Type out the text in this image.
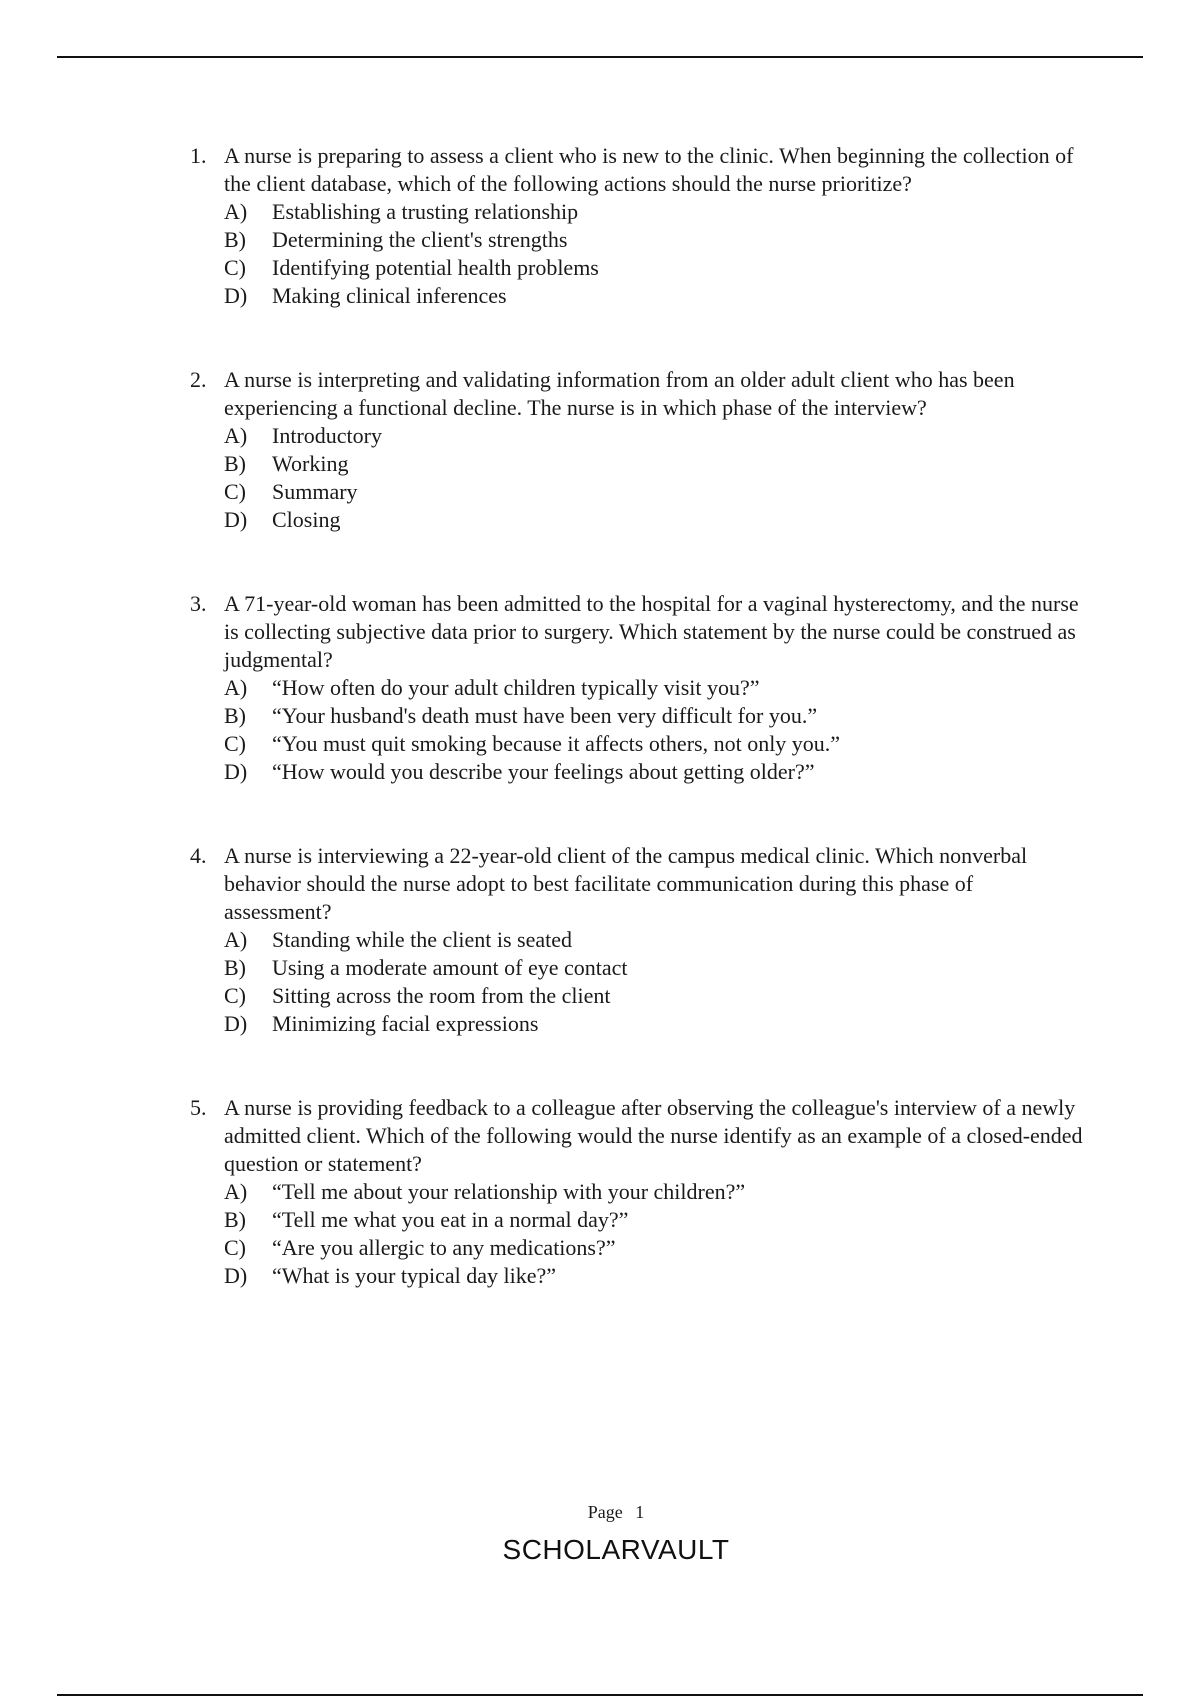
1. A nurse is preparing to assess a client who is new to the clinic. When beginning the collection of the client database, which of the following actions should the nurse prioritize?
A)	Establishing a trusting relationship
B)	Determining the client's strengths
C)	Identifying potential health problems
D)	Making clinical inferences
2. A nurse is interpreting and validating information from an older adult client who has been experiencing a functional decline. The nurse is in which phase of the interview?
A)	Introductory
B)	Working
C)	Summary
D)	Closing
3. A 71-year-old woman has been admitted to the hospital for a vaginal hysterectomy, and the nurse is collecting subjective data prior to surgery. Which statement by the nurse could be construed as judgmental?
A)	“How often do your adult children typically visit you?”
B)	“Your husband's death must have been very difficult for you.”
C)	“You must quit smoking because it affects others, not only you.”
D)	“How would you describe your feelings about getting older?”
4. A nurse is interviewing a 22-year-old client of the campus medical clinic. Which nonverbal behavior should the nurse adopt to best facilitate communication during this phase of assessment?
A)	Standing while the client is seated
B)	Using a moderate amount of eye contact
C)	Sitting across the room from the client
D)	Minimizing facial expressions
5. A nurse is providing feedback to a colleague after observing the colleague's interview of a newly admitted client. Which of the following would the nurse identify as an example of a closed-ended question or statement?
A)	“Tell me about your relationship with your children?”
B)	“Tell me what you eat in a normal day?”
C)	“Are you allergic to any medications?”
D)	“What is your typical day like?”
Page 1
SCHOLARVAULT
